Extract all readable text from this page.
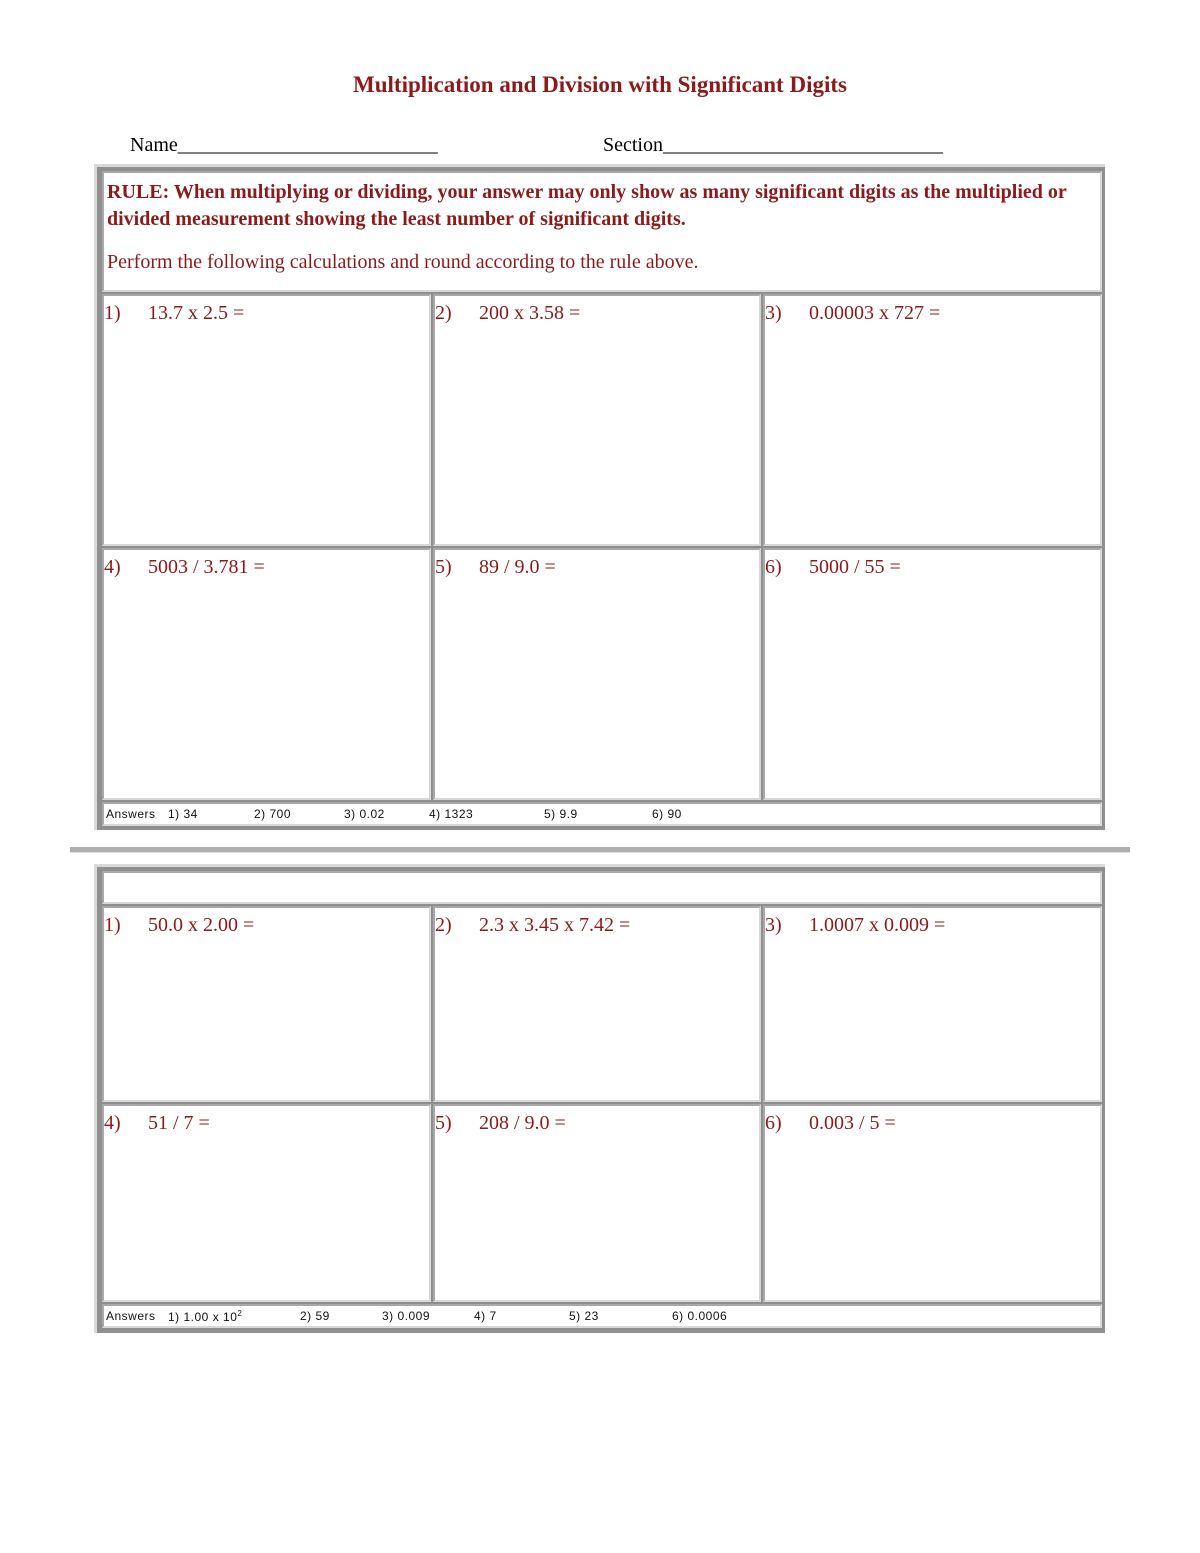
Multiplication and Division with Significant Digits
Name__________________________	Section____________________________
RULE: When multiplying or dividing, your answer may only show as many significant digits as the multiplied or divided measurement showing the least number of significant digits.
Perform the following calculations and round according to the rule above.
1) 13.7 x 2.5 =	2) 200 x 3.58 =	3) 0.00003 x 727 =
4) 5003 / 3.781 =	5) 89 / 9.0 =	6) 5000 / 55 =
Answers 1) 34	2) 700	3) 0.02	4) 1323	5) 9.9	6) 90
1) 50.0 x 2.00 =	2) 2.3 x 3.45 x 7.42 =	3) 1.0007 x 0.009 =
4) 51 / 7 =	5) 208 / 9.0 =	6) 0.003 / 5 =
Answers 1) 1.00 x $10^2$	2) 59	3) 0.009	4) 7	5) 23	6) 0.0006
